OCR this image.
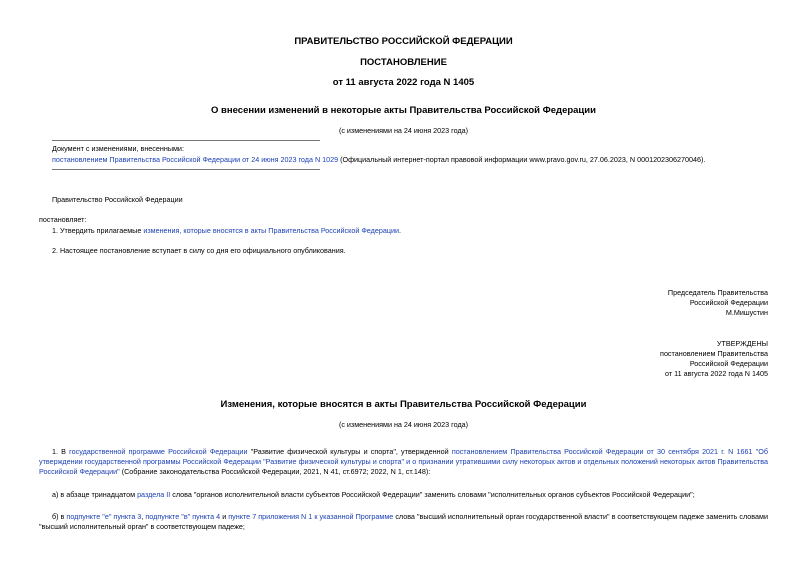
ПРАВИТЕЛЬСТВО РОССИЙСКОЙ ФЕДЕРАЦИИ
ПОСТАНОВЛЕНИЕ
от 11 августа 2022 года N 1405
О внесении изменений в некоторые акты Правительства Российской Федерации
(с изменениями на 24 июня 2023 года)
Документ с изменениями, внесенными:
постановлением Правительства Российской Федерации от 24 июня 2023 года N 1029 (Официальный интернет-портал правовой информации www.pravo.gov.ru, 27.06.2023, N 0001202306270046).
Правительство Российской Федерации
постановляет:
1. Утвердить прилагаемые изменения, которые вносятся в акты Правительства Российской Федерации.
2. Настоящее постановление вступает в силу со дня его официального опубликования.
Председатель Правительства
Российской Федерации
М.Мишустин
УТВЕРЖДЕНЫ
постановлением Правительства
Российской Федерации
от 11 августа 2022 года N 1405
Изменения, которые вносятся в акты Правительства Российской Федерации
(с изменениями на 24 июня 2023 года)
1. В государственной программе Российской Федерации "Развитие физической культуры и спорта", утвержденной постановлением Правительства Российской Федерации от 30 сентября 2021 г. N 1661 "Об утверждении государственной программы Российской Федерации "Развитие физической культуры и спорта" и о признании утратившими силу некоторых актов и отдельных положений некоторых актов Правительства Российской Федерации" (Собрание законодательства Российской Федерации, 2021, N 41, ст.6972; 2022, N 1, ст.148):
а) в абзаце тринадцатом раздела II слова "органов исполнительной власти субъектов Российской Федерации" заменить словами "исполнительных органов субъектов Российской Федерации";
б) в подпункте "е" пункта 3, подпункте "в" пункта 4 и пункте 7 приложения N 1 к указанной Программе слова "высший исполнительный орган государственной власти" в соответствующем падеже заменить словами "высший исполнительный орган" в соответствующем падеже;
